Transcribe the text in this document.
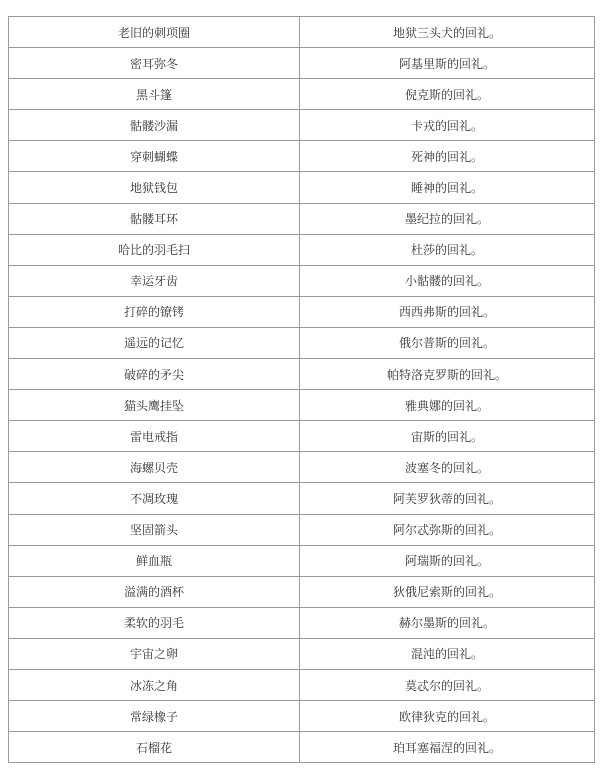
老旧的刺项圈	地狱三头犬的回礼。
密耳弥冬	阿基里斯的回礼。
黑斗篷	倪克斯的回礼。
骷髅沙漏	卡戎的回礼。
穿刺蝴蝶	死神的回礼。
地狱钱包	睡神的回礼。
骷髅耳环	墨纪拉的回礼。
哈比的羽毛扫	杜莎的回礼。
幸运牙齿	小骷髅的回礼。
打碎的镣铐	西西弗斯的回礼。
遥远的记忆	俄尔普斯的回礼。
破碎的矛尖	帕特洛克罗斯的回礼。
猫头鹰挂坠	雅典娜的回礼。
雷电戒指	宙斯的回礼。
海螺贝壳	波塞冬的回礼。
不凋玫瑰	阿芙罗狄蒂的回礼。
坚固箭头	阿尔忒弥斯的回礼。
鲜血瓶	阿瑞斯的回礼。
溢满的酒杯	狄俄尼索斯的回礼。
柔软的羽毛	赫尔墨斯的回礼。
宇宙之卵	混沌的回礼。
冰冻之角	莫忒尔的回礼。
常绿橡子	欧律狄克的回礼。
石榴花	珀耳塞福涅的回礼。
